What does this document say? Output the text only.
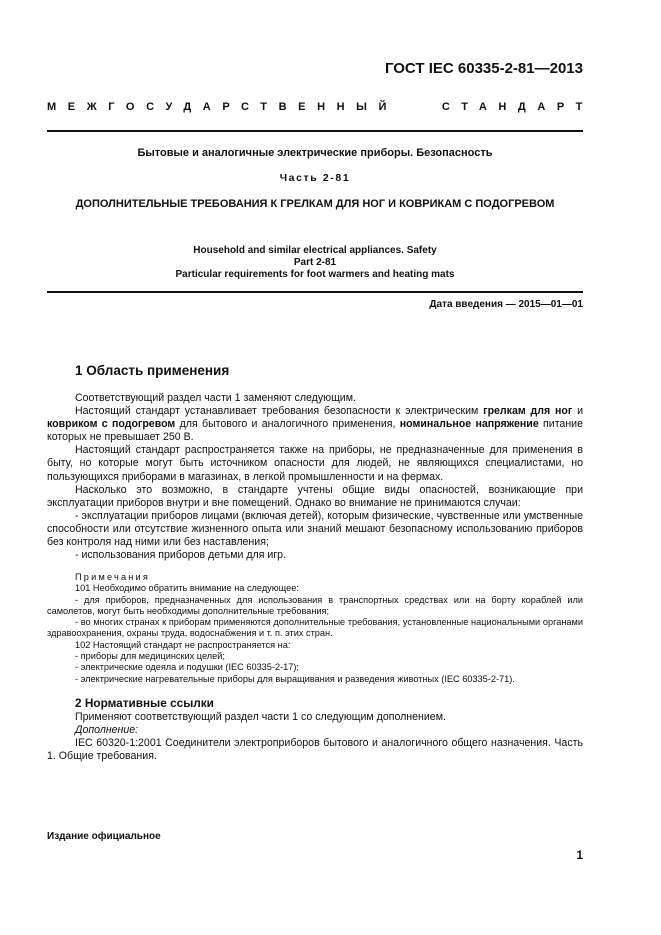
ГОСТ IEC 60335-2-81—2013
МЕЖГОСУДАРСТВЕННЫЙ	СТАНДАРТ
Бытовые и аналогичные электрические приборы. Безопасность
Часть 2-81
ДОПОЛНИТЕЛЬНЫЕ ТРЕБОВАНИЯ К ГРЕЛКАМ ДЛЯ НОГ И КОВРИКАМ С ПОДОГРЕВОМ
Household and similar electrical appliances. Safety
Part 2-81
Particular requirements for foot warmers and heating mats
Дата введения — 2015—01—01
1 Область применения

Соответствующий раздел части 1 заменяют следующим.

Настоящий стандарт устанавливает требования безопасности к электрическим грелкам для ног и ковриком с подогревом для бытового и аналогичного применения, номинальное напряжение питание которых не превышает 250 В.

Настоящий стандарт распространяется также на приборы, не предназначенные для применения в быту, но которые могут быть источником опасности для людей, не являющихся специалистами, но пользующихся приборами в магазинах, в легкой промышленности и на фермах.

Насколько это возможно, в стандарте учтены общие виды опасностей, возникающие при эксплуатации приборов внутри и вне помещений. Однако во внимание не принимаются случаи:

- эксплуатации приборов лицами (включая детей), которым физические, чувственные или умственные способности или отсутствие жизненного опыта или знаний мешают безопасному использованию приборов без контроля над ними или без наставления;

- использования приборов детьми для игр.

Примечания

101 Необходимо обратить внимание на следующее:

- для приборов, предназначенных для использования в транспортных средствах или на борту кораблей или самолетов, могут быть необходимы дополнительные требования;

- во многих странах к приборам применяются дополнительные требования, установленные национальными органами здравоохранения, охраны труда, водоснабжения и т. п. этих стран.

102 Настоящий стандарт не распространяется на:

- приборы для медицинских целей;

- электрические одеяла и подушки (IEC 60335-2-17);

- электрические нагревательные приборы для выращивания и разведения животных (IEC 60335-2-71).

2 Нормативные ссылки

Применяют соответствующий раздел части 1 со следующим дополнением.

Дополнение:

IEC 60320-1:2001 Соединители электроприборов бытового и аналогичного общего назначения. Часть 1. Общие требования.

Издание официальное
1
